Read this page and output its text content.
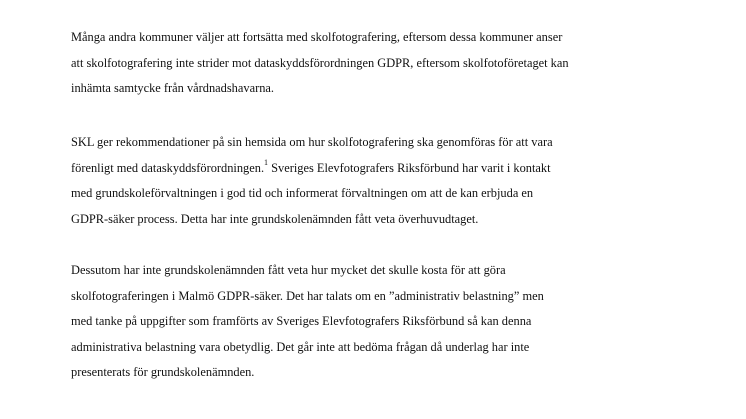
Många andra kommuner väljer att fortsätta med skolfotografering, eftersom dessa kommuner anser
att skolfotografering inte strider mot dataskyddsförordningen GDPR, eftersom skolfotoföretaget kan
inhämta samtycke från vårdnadshavarna.

SKL ger rekommendationer på sin hemsida om hur skolfotografering ska genomföras för att vara
förenligt med dataskyddsförordningen.$^1$ Sveriges Elevfotografers Riksförbund har varit i kontakt
med grundskoleförvaltningen i god tid och informerat förvaltningen om att de kan erbjuda en
GDPR-säker process. Detta har inte grundskolenämnden fått veta överhuvudtaget.

Dessutom har inte grundskolenämnden fått veta hur mycket det skulle kosta för att göra
skolfotograferingen i Malmö GDPR-säker. Det har talats om en ”administrativ belastning” men
med tanke på uppgifter som framförts av Sveriges Elevfotografers Riksförbund så kan denna
administrativa belastning vara obetydlig. Det går inte att bedöma frågan då underlag har inte
presenterats för grundskolenämnden.
